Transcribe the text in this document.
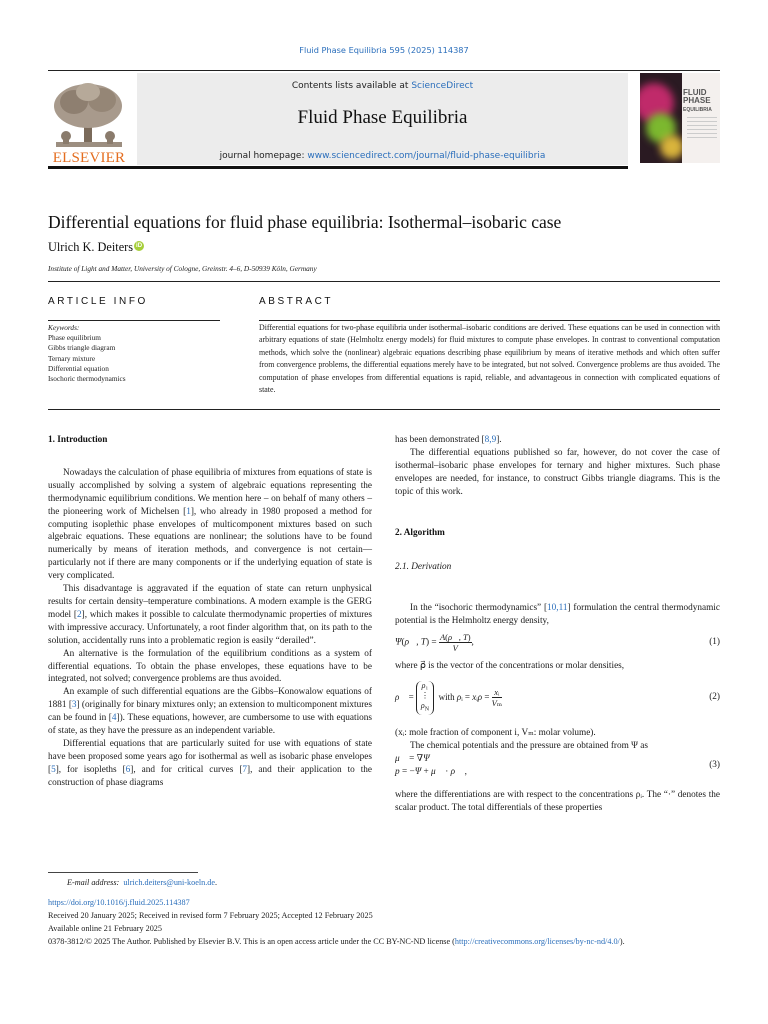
Fluid Phase Equilibria 595 (2025) 114387
ELSEVIER
Contents lists available at ScienceDirect
Fluid Phase Equilibria
journal homepage: www.sciencedirect.com/journal/fluid-phase-equilibria
FLUID
PHASE
EQUILIBRIA
Differential equations for fluid phase equilibria: Isothermal–isobaric case
Ulrich K. Deiters iD
Institute of Light and Matter, University of Cologne, Greinstr. 4–6, D-50939 Köln, Germany
ARTICLE INFO	ABSTRACT
Keywords:
Phase equilibrium
Gibbs triangle diagram
Ternary mixture
Differential equation
Isochoric thermodynamics
Differential equations for two-phase equilibria under isothermal–isobaric conditions are derived. These equations can be used in connection with arbitrary equations of state (Helmholtz energy models) for fluid mixtures to compute phase envelopes. In contrast to conventional computation methods, which solve the (nonlinear) algebraic equations describing phase equilibrium by means of iterative methods and which often suffer from convergence problems, the differential equations merely have to be integrated, but not solved. Convergence problems are thus avoided. The computation of phase envelopes from differential equations is rapid, reliable, and advantageous in connection with complicated equations of state.
1. Introduction

Nowadays the calculation of phase equilibria of mixtures from equations of state is usually accomplished by solving a system of algebraic equations representing the thermodynamic equilibrium conditions. We mention here – on behalf of many others – the pioneering work of Michelsen [1], who already in 1980 proposed a method for computing isoplethic phase envelopes of multicomponent mixtures based on such algebraic equations. These equations are nonlinear; the solutions have to be found numerically by means of iteration methods, and convergence is not certain—particularly not if there are many components or if the underlying equation of state is very complicated.

This disadvantage is aggravated if the equation of state can return unphysical results for certain density–temperature combinations. A modern example is the GERG model [2], which makes it possible to calculate thermodynamic properties of mixtures with impressive accuracy. Unfortunately, a root finder algorithm that, on its path to the solution, accidentally runs into a problematic region is easily “derailed”.

An alternative is the formulation of the equilibrium conditions as a system of differential equations. To obtain the phase envelopes, these equations have to be integrated, not solved; convergence problems are thus avoided.

An example of such differential equations are the Gibbs–Konowalow equations of 1881 [3] (originally for binary mixtures only; an extension to multicomponent mixtures can be found in [4]). These equations, however, are cumbersome to use with equations of state, as they have the pressure as an independent variable.

Differential equations that are particularly suited for use with equations of state have been proposed some years ago for isothermal as well as isobaric phase envelopes [5], for isopleths [6], and for critical curves [7], and their application to the construction of phase diagrams

has been demonstrated [8,9].

The differential equations published so far, however, do not cover the case of isothermal–isobaric phase envelopes for ternary and higher mixtures. Such phase envelopes are needed, for instance, to construct Gibbs triangle diagrams. This is the topic of this work.

2. Algorithm
2.1. Derivation

In the “isochoric thermodynamics” [10,11] formulation the central thermodynamic potential is the Helmholtz energy density,

Ψ(ρ⃗, $T) = \frac{A(\rho⃗, T)}{V}$ ,	(1)

where ρ⃗ is the vector of the concentrations or molar densities,

ρ⃗ = ρ₁
⋮
$\rho_N$  with ρᵢ = xᵢρ = $\frac{\text{xᵢ}}{\text{Vₘ}}$	(2)

(xᵢ: mole fraction of component i, Vₘ: molar volume).

The chemical potentials and the pressure are obtained from Ψ as

μ⃗ = ∇Ψ
p = −Ψ + μ⃗ · ρ⃗ ,
(3)

where the differentiations are with respect to the concentrations ρᵢ. The “·” denotes the scalar product. The total differentials of these properties

E-mail address: ulrich.deiters@uni-koeln.de.
https://doi.org/10.1016/j.fluid.2025.114387
Received 20 January 2025; Received in revised form 7 February 2025; Accepted 12 February 2025
Available online 21 February 2025
0378-3812/© 2025 The Author. Published by Elsevier B.V. This is an open access article under the CC BY-NC-ND license (http://creativecommons.org/licenses/by-nc-nd/4.0/).
